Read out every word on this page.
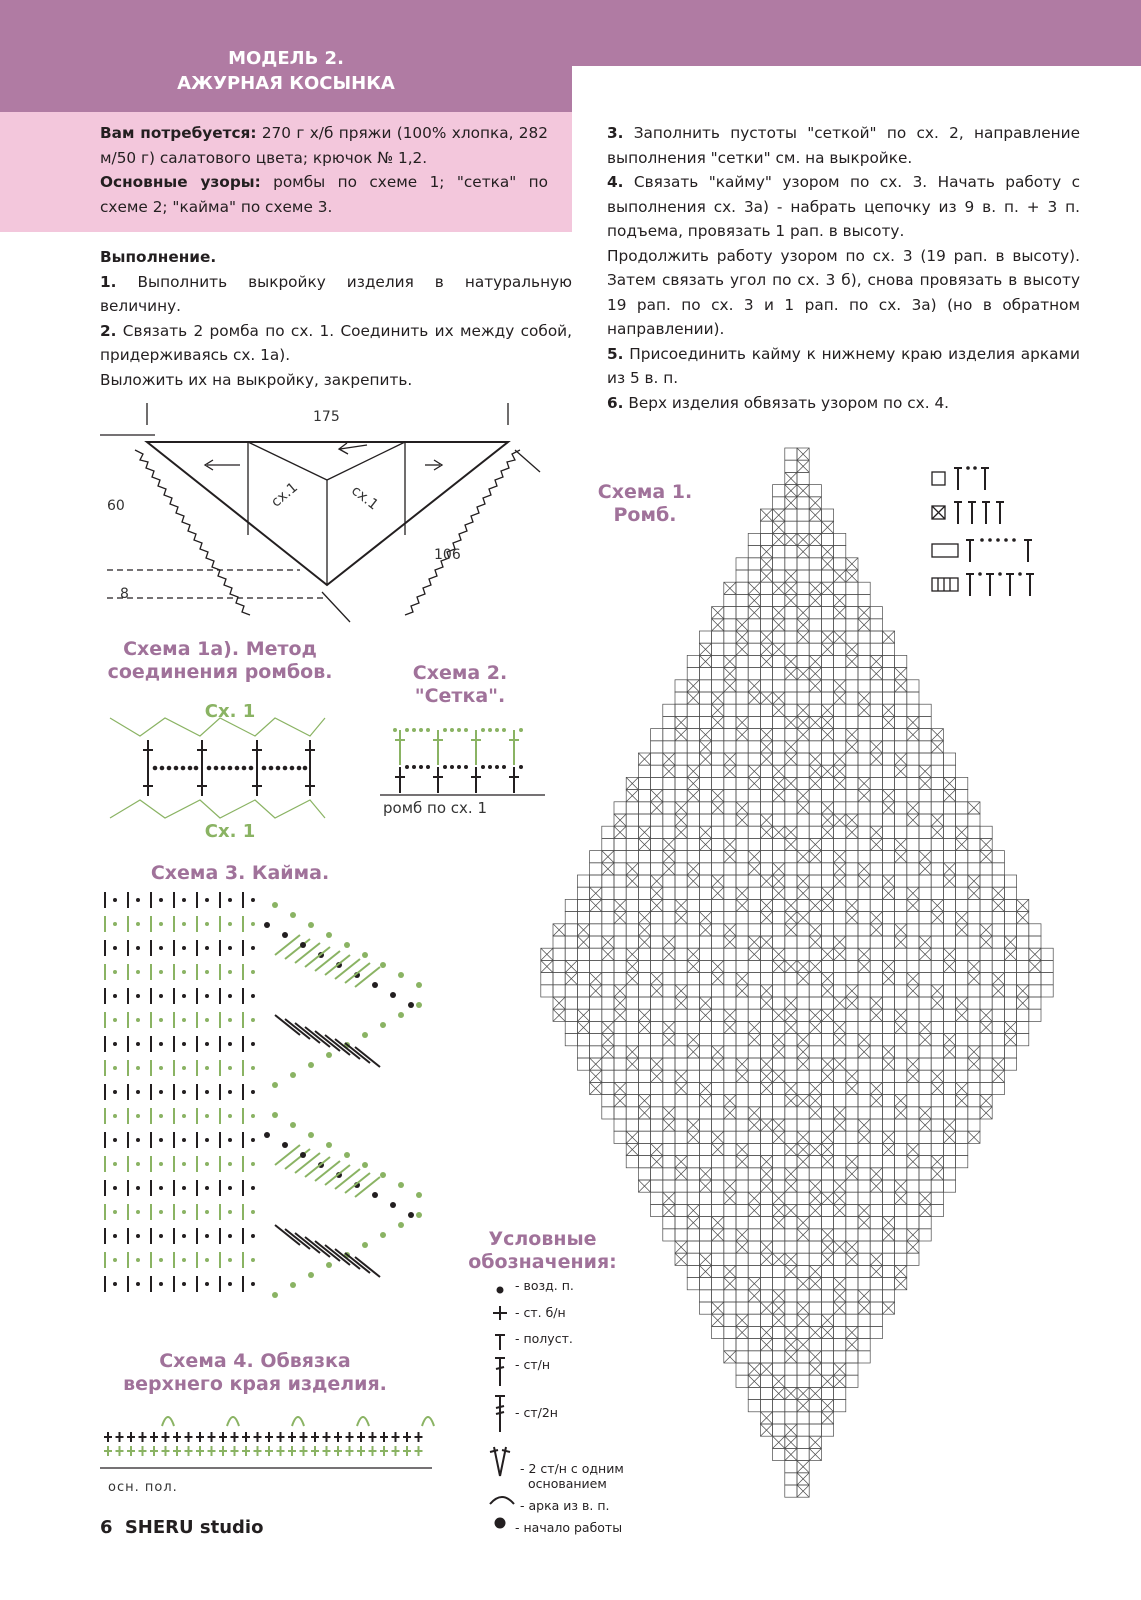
МОДЕЛЬ 2.
АЖУРНАЯ КОСЫНКА
Вам потребуется: 270 г х/б пряжи (100% хлопка, 282 м/50 г) салатового цвета; крючок № 1,2.
Основные узоры: ромбы по схеме 1; "сетка" по схеме 2; "кайма" по схеме 3.

Выполнение.

1. Выполнить выкройку изделия в натуральную величину.

2. Связать 2 ромба по сх. 1. Соединить их между собой, придерживаясь сх. 1а).

Выложить их на выкройку, закрепить.

3. Заполнить пустоты "сеткой" по сх. 2, направление выполнения "сетки" см. на выкройке.

4. Связать "кайму" узором по сх. 3. Начать работу с выполнения сх. 3а) - набрать цепочку из 9 в. п. + 3 п. подъема, провязать 1 рап. в высоту.

Продолжить работу узором по сх. 3 (19 рап. в высоту). Затем связать угол по сх. 3 б), снова провязать в высоту 19 рап. по сх. 3 и 1 рап. по сх. 3а) (но в обратном направлении).

5. Присоединить кайму к нижнему краю изделия арками из 5 в. п.

6. Верх изделия обвязать узором по сх. 4.

175
60
106
8
сх.1	сх.1
Схема 1а). Метод
соединения ромбов.
Сх. 1
Сх. 1
Схема 2.
"Сетка".
ромб по сх. 1
Схема 3. Кайма.
Схема 4. Обвязка
верхнего края изделия.
осн. пол.
Условные
обозначения:
- возд. п.
- ст. б/н
- полуст.
- ст/н
- ст/2н
- 2 ст/н с одним
основанием
- арка из в. п.
- начало работы
Схема 1.
Ромб.
6 SHERU studio
